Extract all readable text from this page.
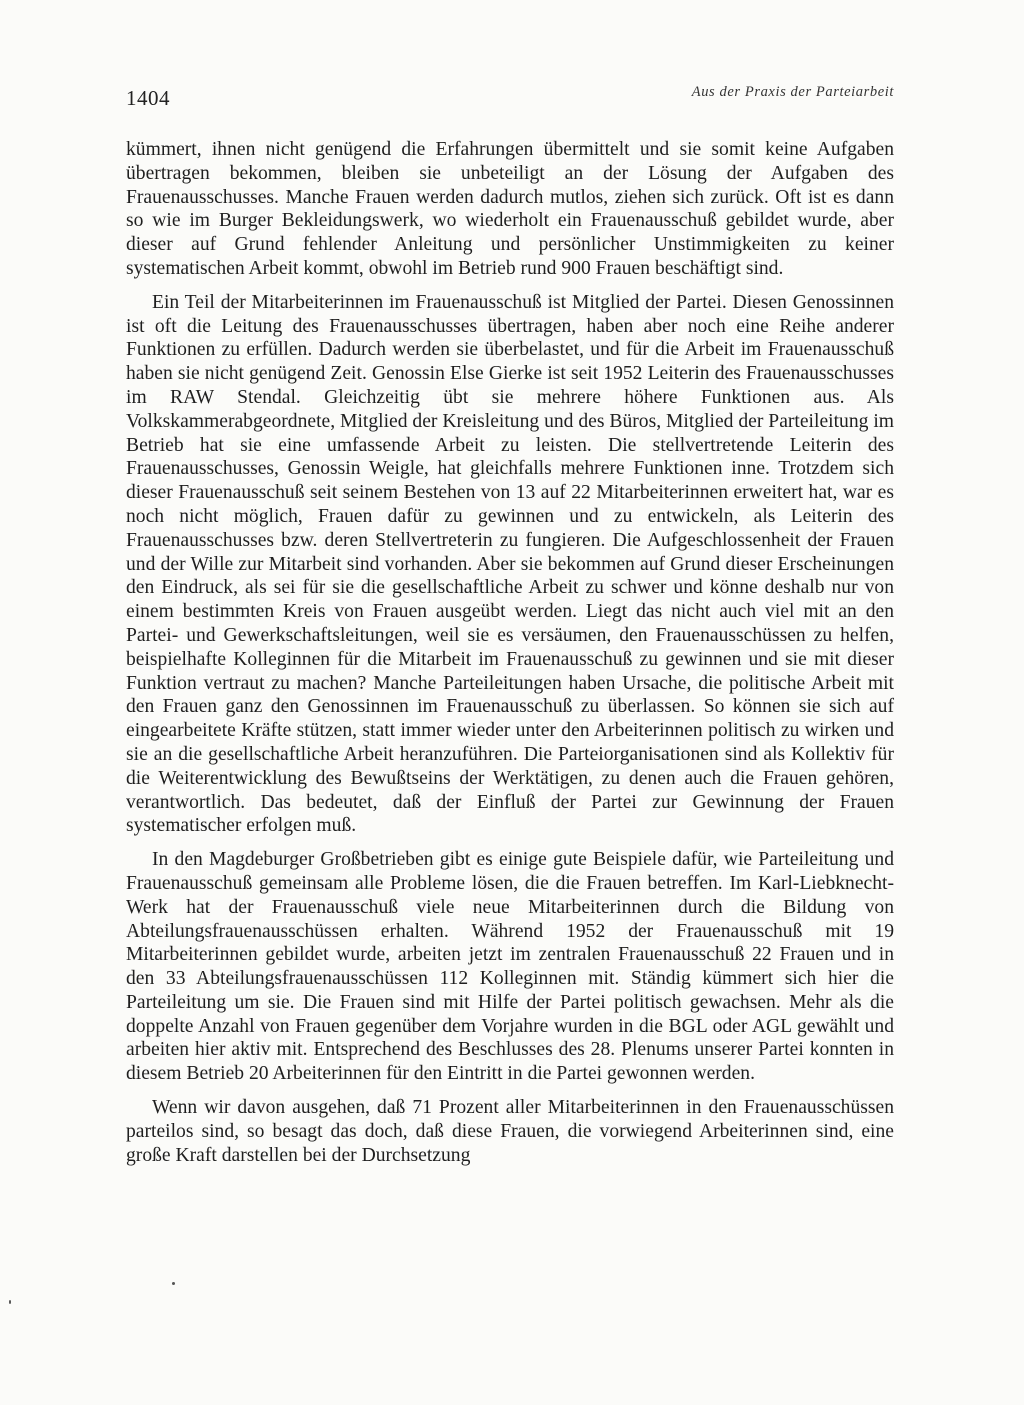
1404	Aus der Praxis der Parteiarbeit

kümmert, ihnen nicht genügend die Erfahrungen übermittelt und sie somit keine Aufgaben übertragen bekommen, bleiben sie unbeteiligt an der Lösung der Aufgaben des Frauenausschusses. Manche Frauen werden dadurch mutlos, ziehen sich zurück. Oft ist es dann so wie im Burger Bekleidungswerk, wo wiederholt ein Frauenausschuß gebildet wurde, aber dieser auf Grund fehlender Anleitung und persönlicher Unstimmigkeiten zu keiner systematischen Arbeit kommt, obwohl im Betrieb rund 900 Frauen beschäftigt sind.

Ein Teil der Mitarbeiterinnen im Frauenausschuß ist Mitglied der Partei. Diesen Genossinnen ist oft die Leitung des Frauenausschusses übertragen, haben aber noch eine Reihe anderer Funktionen zu erfüllen. Dadurch werden sie überbelastet, und für die Arbeit im Frauenausschuß haben sie nicht genügend Zeit. Genossin Else Gierke ist seit 1952 Leiterin des Frauenausschusses im RAW Stendal. Gleichzeitig übt sie mehrere höhere Funktionen aus. Als Volkskammerabgeordnete, Mitglied der Kreisleitung und des Büros, Mitglied der Parteileitung im Betrieb hat sie eine umfassende Arbeit zu leisten. Die stellvertretende Leiterin des Frauenausschusses, Genossin Weigle, hat gleichfalls mehrere Funktionen inne. Trotzdem sich dieser Frauenausschuß seit seinem Bestehen von 13 auf 22 Mitarbeiterinnen erweitert hat, war es noch nicht möglich, Frauen dafür zu gewinnen und zu entwickeln, als Leiterin des Frauenausschusses bzw. deren Stellvertreterin zu fungieren. Die Aufgeschlossenheit der Frauen und der Wille zur Mitarbeit sind vorhanden. Aber sie bekommen auf Grund dieser Erscheinungen den Eindruck, als sei für sie die gesellschaftliche Arbeit zu schwer und könne deshalb nur von einem bestimmten Kreis von Frauen ausgeübt werden. Liegt das nicht auch viel mit an den Partei- und Gewerkschaftsleitungen, weil sie es versäumen, den Frauenausschüssen zu helfen, beispielhafte Kolleginnen für die Mitarbeit im Frauenausschuß zu gewinnen und sie mit dieser Funktion vertraut zu machen? Manche Parteileitungen haben Ursache, die politische Arbeit mit den Frauen ganz den Genossinnen im Frauenausschuß zu überlassen. So können sie sich auf eingearbeitete Kräfte stützen, statt immer wieder unter den Arbeiterinnen politisch zu wirken und sie an die gesellschaftliche Arbeit heranzuführen. Die Parteiorganisationen sind als Kollektiv für die Weiterentwicklung des Bewußtseins der Werktätigen, zu denen auch die Frauen gehören, verantwortlich. Das bedeutet, daß der Einfluß der Partei zur Gewinnung der Frauen systematischer erfolgen muß.

In den Magdeburger Großbetrieben gibt es einige gute Beispiele dafür, wie Parteileitung und Frauenausschuß gemeinsam alle Probleme lösen, die die Frauen betreffen. Im Karl-Liebknecht-Werk hat der Frauenausschuß viele neue Mitarbeiterinnen durch die Bildung von Abteilungsfrauenausschüssen erhalten. Während 1952 der Frauenausschuß mit 19 Mitarbeiterinnen gebildet wurde, arbeiten jetzt im zentralen Frauenausschuß 22 Frauen und in den 33 Abteilungsfrauenausschüssen 112 Kolleginnen mit. Ständig kümmert sich hier die Parteileitung um sie. Die Frauen sind mit Hilfe der Partei politisch gewachsen. Mehr als die doppelte Anzahl von Frauen gegenüber dem Vorjahre wurden in die BGL oder AGL gewählt und arbeiten hier aktiv mit. Entsprechend des Beschlusses des 28. Plenums unserer Partei konnten in diesem Betrieb 20 Arbeiterinnen für den Eintritt in die Partei gewonnen werden.

Wenn wir davon ausgehen, daß 71 Prozent aller Mitarbeiterinnen in den Frauenausschüssen parteilos sind, so besagt das doch, daß diese Frauen, die vorwiegend Arbeiterinnen sind, eine große Kraft darstellen bei der Durchsetzung
